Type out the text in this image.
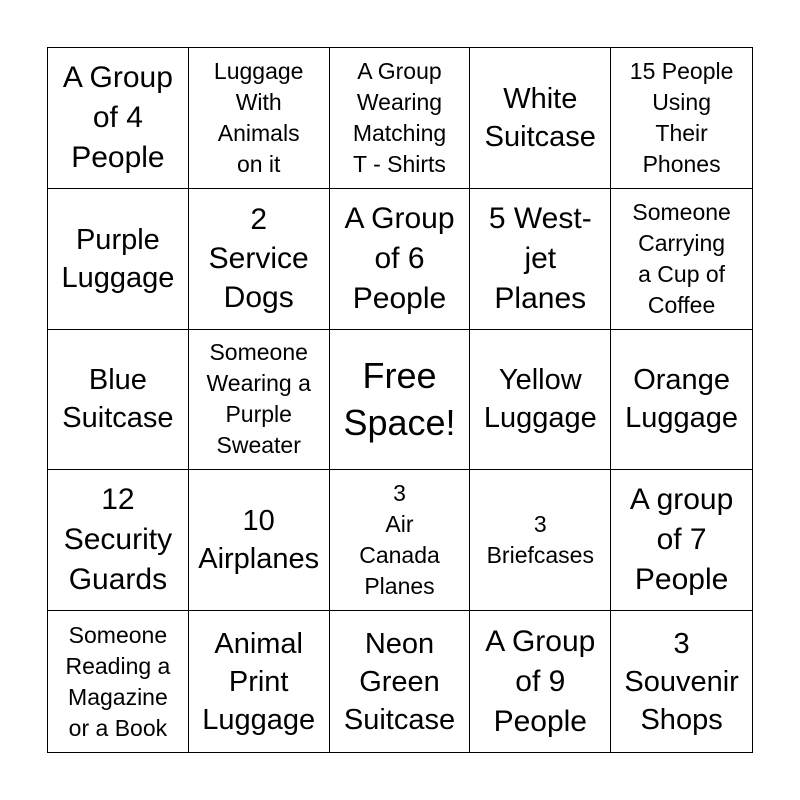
A Group
of 4
People
Luggage
With
Animals
on it
A Group
Wearing
Matching
T - Shirts
White
Suitcase
15 People
Using
Their
Phones
Purple
Luggage
2
Service
Dogs
A Group
of 6
People
5 West-
jet
Planes
Someone
Carrying
a Cup of
Coffee
Blue
Suitcase
Someone
Wearing a
Purple
Sweater
Free
Space!
Yellow
Luggage
Orange
Luggage
12
Security
Guards
10
Airplanes
3
Air
Canada
Planes
3
Briefcases
A group
of 7
People
Someone
Reading a
Magazine
or a Book
Animal
Print
Luggage
Neon
Green
Suitcase
A Group
of 9
People
3
Souvenir
Shops
